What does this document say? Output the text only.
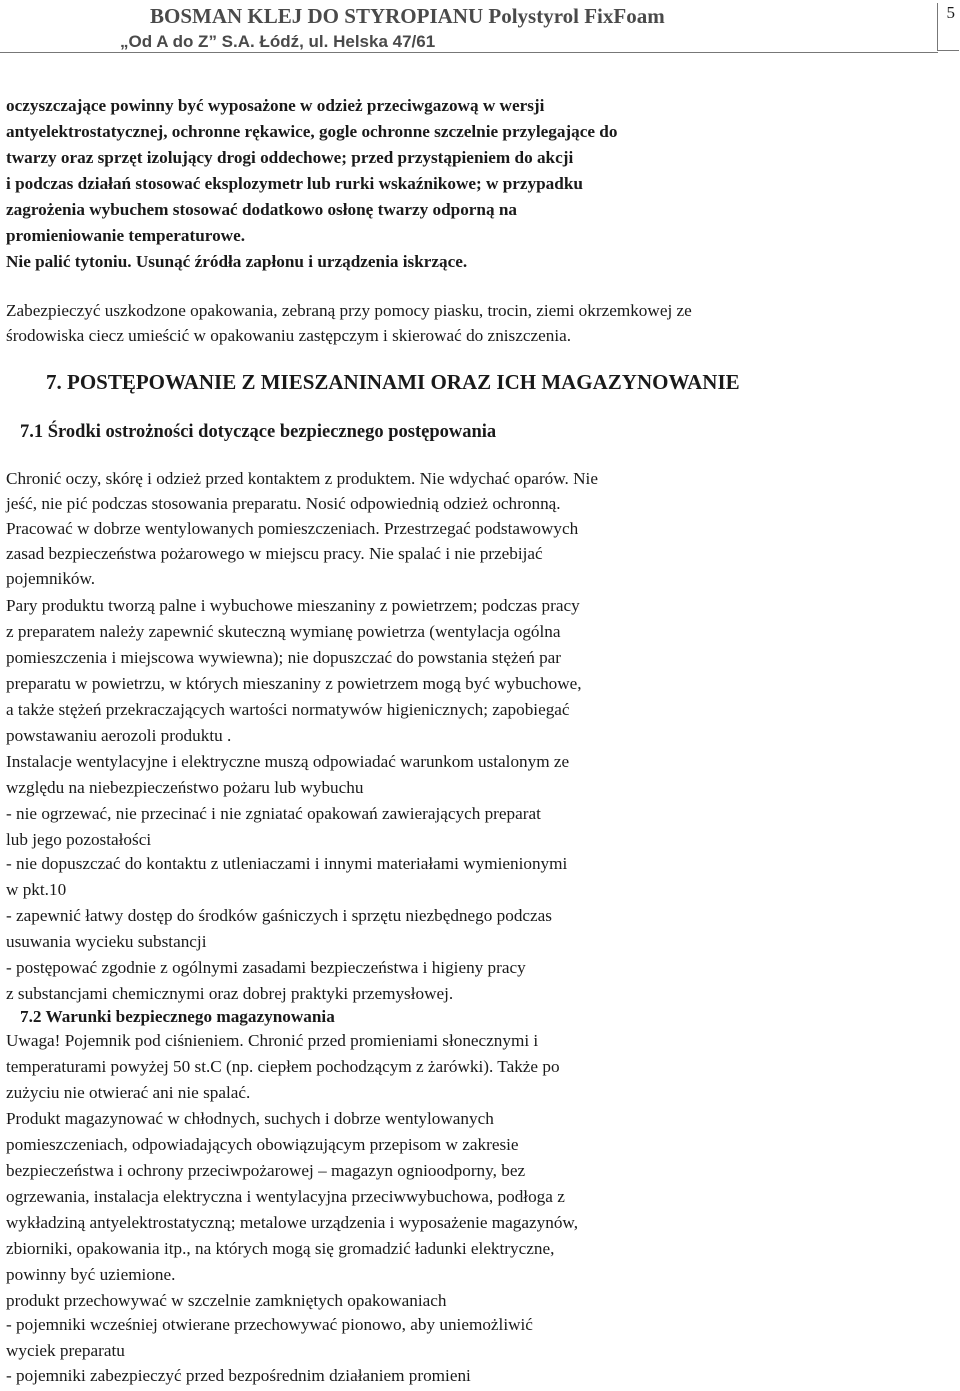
BOSMAN KLEJ DO STYROPIANU Polystyrol FixFoam
„Od A do Z” S.A. Łódź, ul. Helska 47/61
5
oczyszczające powinny być wyposażone w odzież przeciwgazową w wersji
antyelektrostatycznej, ochronne rękawice, gogle ochronne szczelnie przylegające do
twarzy oraz sprzęt izolujący drogi oddechowe; przed przystąpieniem do akcji
i podczas działań stosować eksplozymetr lub rurki wskaźnikowe; w przypadku
zagrożenia wybuchem stosować dodatkowo osłonę twarzy odporną na
promieniowanie temperaturowe.
Nie palić tytoniu. Usunąć źródła zapłonu i urządzenia iskrzące.
Zabezpieczyć uszkodzone opakowania, zebraną przy pomocy piasku, trocin, ziemi okrzemkowej ze
środowiska ciecz umieścić w opakowaniu zastępczym i skierować do zniszczenia.
7. POSTĘPOWANIE Z MIESZANINAMI ORAZ ICH MAGAZYNOWANIE
7.1 Środki ostrożności dotyczące bezpiecznego postępowania
Chronić oczy, skórę i odzież przed kontaktem z produktem. Nie wdychać oparów. Nie
jeść, nie pić podczas stosowania preparatu. Nosić odpowiednią odzież ochronną.
Pracować w dobrze wentylowanych pomieszczeniach. Przestrzegać podstawowych
zasad bezpieczeństwa pożarowego w miejscu pracy. Nie spalać i nie przebijać
pojemników.
Pary produktu tworzą palne i wybuchowe mieszaniny z powietrzem; podczas pracy
z preparatem należy zapewnić skuteczną wymianę powietrza (wentylacja ogólna
pomieszczenia i miejscowa wywiewna); nie dopuszczać do powstania stężeń par
preparatu w powietrzu, w których mieszaniny z powietrzem mogą być wybuchowe,
a także stężeń przekraczających wartości normatywów higienicznych; zapobiegać
powstawaniu aerozoli produktu .
Instalacje wentylacyjne i elektryczne muszą odpowiadać warunkom ustalonym ze
względu na niebezpieczeństwo pożaru lub wybuchu
- nie ogrzewać, nie przecinać i nie zgniatać opakowań zawierających preparat
lub jego pozostałości
- nie dopuszczać do kontaktu z utleniaczami i innymi materiałami wymienionymi
w pkt.10
- zapewnić łatwy dostęp do środków gaśniczych i sprzętu niezbędnego podczas
usuwania wycieku substancji
- postępować zgodnie z ogólnymi zasadami bezpieczeństwa i higieny pracy
z substancjami chemicznymi oraz dobrej praktyki przemysłowej.
7.2 Warunki bezpiecznego magazynowania
Uwaga! Pojemnik pod ciśnieniem. Chronić przed promieniami słonecznymi i
temperaturami powyżej 50 st.C (np. ciepłem pochodzącym z żarówki). Także po
zużyciu nie otwierać ani nie spalać.
Produkt magazynować w chłodnych, suchych i dobrze wentylowanych
pomieszczeniach, odpowiadających obowiązującym przepisom w zakresie
bezpieczeństwa i ochrony przeciwpożarowej – magazyn ognioodporny, bez
ogrzewania, instalacja elektryczna i wentylacyjna przeciwwybuchowa, podłoga z
wykładziną antyelektrostatyczną; metalowe urządzenia i wyposażenie magazynów,
zbiorniki, opakowania itp., na których mogą się gromadzić ładunki elektryczne,
powinny być uziemione.
produkt przechowywać w szczelnie zamkniętych opakowaniach
- pojemniki wcześniej otwierane przechowywać pionowo, aby uniemożliwić
wyciek preparatu
- pojemniki zabezpieczyć przed bezpośrednim działaniem promieni
